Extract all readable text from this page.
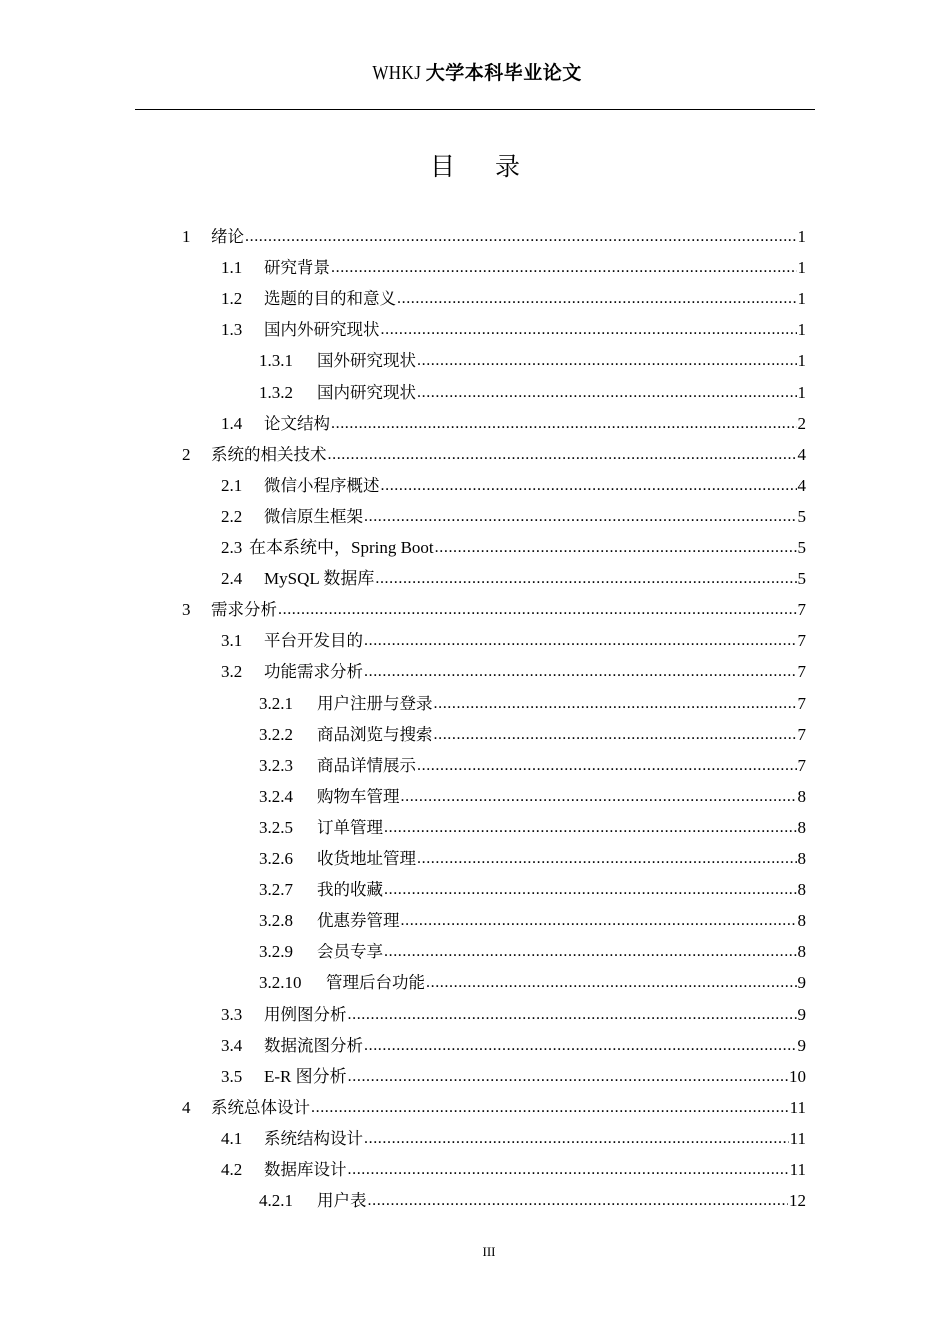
WHKJ 大学本科毕业论文
目 录
1	绪论 .....	1
1.1	研究背景 .....	1
1.2	选题的目的和意义 .....	1
1.3	国内外研究现状 .....	1
1.3.1	国外研究现状 .....	1
1.3.2	国内研究现状 .....	1
1.4	论文结构 .....	2
2	系统的相关技术 .....	4
2.1	微信小程序概述 .....	4
2.2	微信原生框架 .....	5
2.3 在本系统中，Spring Boot .....	5
2.4	MySQL 数据库 .....	5
3	需求分析 .....	7
3.1	平台开发目的 .....	7
3.2	功能需求分析 .....	7
3.2.1	用户注册与登录 .....	7
3.2.2	商品浏览与搜索 .....	7
3.2.3	商品详情展示 .....	7
3.2.4	购物车管理 .....	8
3.2.5	订单管理 .....	8
3.2.6	收货地址管理 .....	8
3.2.7	我的收藏 .....	8
3.2.8	优惠券管理 .....	8
3.2.9	会员专享 .....	8
3.2.10	管理后台功能 .....	9
3.3	用例图分析 .....	9
3.4	数据流图分析 .....	9
3.5	E-R 图分析 .....	10
4	系统总体设计 .....	11
4.1	系统结构设计 .....	11
4.2	数据库设计 .....	11
4.2.1	用户表 .....	12
III
